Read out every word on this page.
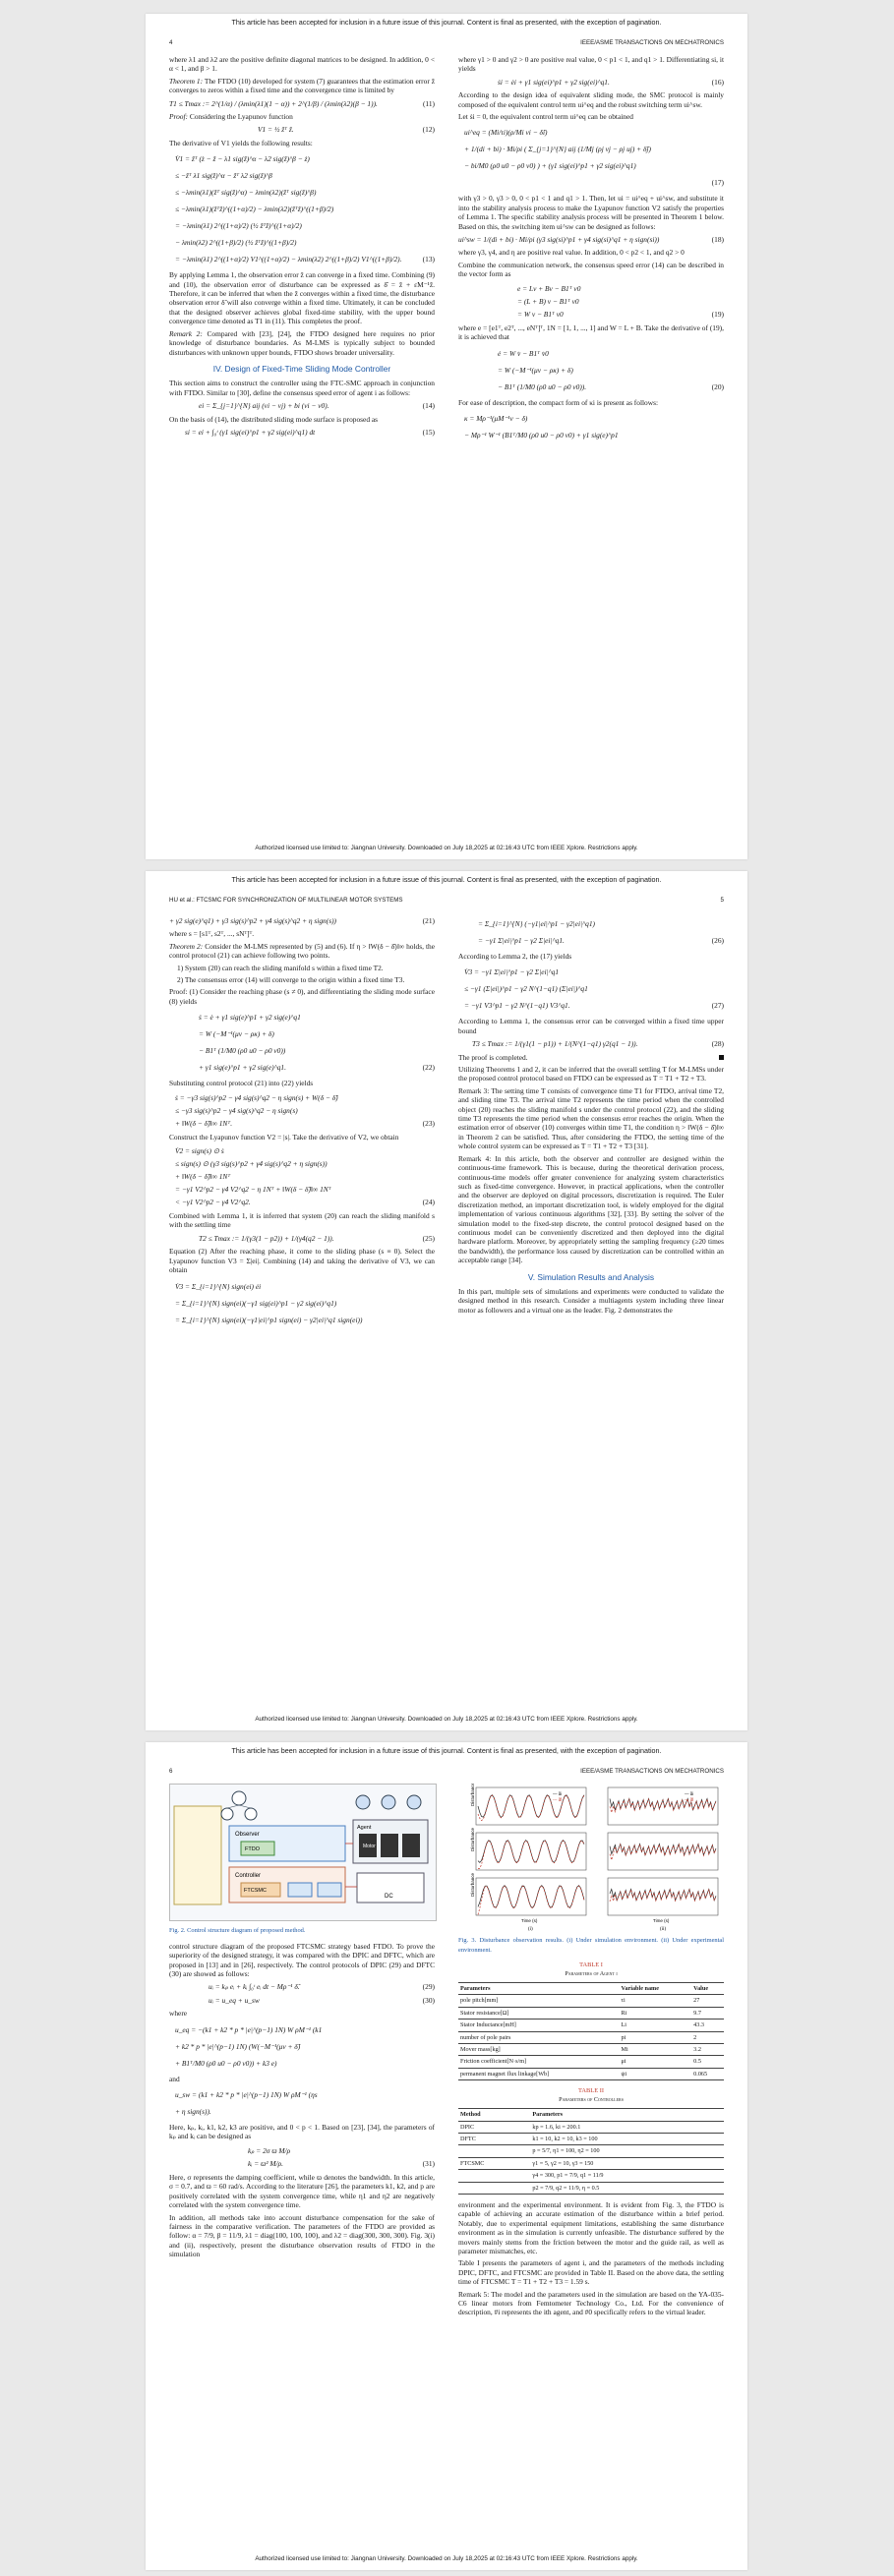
This article has been accepted for inclusion in a future issue of this journal. Content is final as presented, with the exception of pagination.
4	IEEE/ASME TRANSACTIONS ON MECHATRONICS

where λ1 and λ2 are the positive definite diagonal matrices to be designed. In addition, 0 < α < 1, and β > 1.

Theorem 1: The FTDO (10) developed for system (7) guarantees that the estimation error ẑ converges to zeros within a fixed time and the convergence time is limited by

T1 ≤ Tmax := 2^(1/α) / (λmin(λ1)(1 − α)) + 2^(1/β) / (λmin(λ2)(β − 1)).	(11)

Proof: Considering the Lyapunov function

V1 = ½ ẑᵀ ẑ.	(12)

The derivative of V1 yields the following results:

V̇1 = ẑᵀ (ż − ẑ − λ1 sig(ẑ)^α − λ2 sig(ẑ)^β − ż)
≤ −ẑᵀ λ1 sig(ẑ)^α − ẑᵀ λ2 sig(ẑ)^β
≤ −λmin(λ1)(ẑᵀ sig(ẑ)^α) − λmin(λ2)(ẑᵀ sig(ẑ)^β)
≤ −λmin(λ1)(ẑᵀẑ)^((1+α)/2) − λmin(λ2)(ẑᵀẑ)^((1+β)/2)
= −λmin(λ1) 2^((1+α)/2) (½ ẑᵀẑ)^((1+α)/2)
− λmin(λ2) 2^((1+β)/2) (½ ẑᵀẑ)^((1+β)/2)
= −λmin(λ1) 2^((1+α)/2) V1^((1+α)/2) − λmin(λ2) 2^((1+β)/2) V1^((1+β)/2).	(13)

By applying Lemma 1, the observation error ẑ can converge in a fixed time. Combining (9) and (10), the observation error of disturbance can be expressed as δ̂ = ẑ + εM⁻¹ẑ. Therefore, it can be inferred that when the ẑ converges within a fixed time, the disturbance observation error δ̃ will also converge within a fixed time. Ultimately, it can be concluded that the designed observer achieves global fixed-time stability, with the upper bound convergence time denoted as T1 in (11). This completes the proof.

Remark 2: Compared with [23], [24], the FTDO designed here requires no prior knowledge of disturbance boundaries. As M-LMS is typically subject to bounded disturbances with unknown upper bounds, FTDO shows broader universality.

IV. Design of Fixed-Time Sliding Mode Controller

This section aims to construct the controller using the FTC-SMC approach in conjunction with FTDO. Similar to [30], define the consensus speed error of agent i as follows:

ei = Σ_{j=1}^{N} aij (vi − vj) + bi (vi − v0).	(14)

On the basis of (14), the distributed sliding mode surface is proposed as

si = ei + ∫₀ᵗ (γ1 sig(ei)^p1 + γ2 sig(ei)^q1) dt	(15)

where γ1 > 0 and γ2 > 0 are positive real value, 0 < p1 < 1, and q1 > 1. Differentiating si, it yields

ṡi = ėi + γ1 sig(ei)^p1 + γ2 sig(ei)^q1.	(16)

According to the design idea of equivalent sliding mode, the SMC protocol is mainly composed of the equivalent control term ui^eq and the robust switching term ui^sw.

Let ṡi = 0, the equivalent control term ui^eq can be obtained

ui^eq = (Mi/τi)(ρ/Mi vi − δ̂i)
+ 1/(di + bi) · Mi/ρi ( Σ_{j=1}^{N} aij (1/Mj (ρj vj − ρj uj) + δ̂j)
− bi/M0 (ρ0 u0 − ρ0 v0) ) + (γ1 sig(ei)^p1 + γ2 sig(ei)^q1)
(17)

with γ3 > 0, γ3 > 0, 0 < p1 < 1 and q1 > 1. Then, let ui = ui^eq + ui^sw, and substitute it into the stability analysis process to make the Lyapunov function V2 satisfy the properties of Lemma 1. The specific stability analysis process will be presented in Theorem 1 below. Based on this, the switching item ui^sw can be designed as follows:

ui^sw = 1/(di + bi) · Mi/ρi (γ3 sig(si)^p1 + γ4 sig(si)^q1 + η sign(si))	(18)

where γ3, γ4, and η are positive real value. In addition, 0 < p2 < 1, and q2 > 0

Combine the communication network, the consensus speed error (14) can be described in the vector form as

e = Lv + Bv − B1ᵀ v0
= (L + B) v − B1ᵀ v0
= W v − B1ᵀ v0	(19)

where e = [e1ᵀ, e2ᵀ, ..., eNᵀ]ᵀ, 1N = [1, 1, ..., 1] and W = L + B. Take the derivative of (19), it is achieved that

ė = W v̇ − B1ᵀ v̇0
= W (−M⁻¹(μv − ρκ) + δ)
− B1ᵀ (1/M0 (ρ0 u0 − ρ0 v0)).	(20)

For ease of description, the compact form of κi is present as follows:

κ = Mρ⁻¹(μM⁻¹v − δ)
− Mρ⁻¹ W⁻¹ (B1ᵀ/M0 (ρ0 u0 − ρ0 v0) + γ1 sig(e)^p1
Authorized licensed use limited to: Jiangnan University. Downloaded on July 18,2025 at 02:16:43 UTC from IEEE Xplore. Restrictions apply.
This article has been accepted for inclusion in a future issue of this journal. Content is final as presented, with the exception of pagination.
HU et al.: FTCSMC FOR SYNCHRONIZATION OF MULTILINEAR MOTOR SYSTEMS	5
+ γ2 sig(e)^q1) + γ3 sig(s)^p2 + γ4 sig(s)^q2 + η sign(s))	(21)

where s = [s1ᵀ, s2ᵀ, ..., sNᵀ]ᵀ.

Theorem 2: Consider the M-LMS represented by (5) and (6). If η > ‖W(δ − δ̂)‖∞ holds, the control protocol (21) can achieve following two points.

1) System (20) can reach the sliding manifold s within a fixed time T2.

2) The consensus error (14) will converge to the origin within a fixed time T3.

Proof: (1) Consider the reaching phase (s ≠ 0), and differentiating the sliding mode surface (8) yields

ṡ = ė + γ1 sig(e)^p1 + γ2 sig(e)^q1
= W (−M⁻¹(μv − ρκ) + δ)
− B1ᵀ (1/M0 (ρ0 u0 − ρ0 v0))
+ γ1 sig(e)^p1 + γ2 sig(e)^q1.	(22)

Substituting control protocol (21) into (22) yields

ṡ = −γ3 sig(s)^p2 − γ4 sig(s)^q2 − η sign(s) + W(δ − δ̂)
≤ −γ3 sig(s)^p2 − γ4 sig(s)^q2 − η sign(s)
+ ‖W(δ − δ̂)‖∞ 1Nᵀ.	(23)

Construct the Lyapunov function V2 = |s|. Take the derivative of V2, we obtain

V̇2 = sign(s) ⊙ ṡ
≤ sign(s) ⊙ (γ3 sig(s)^p2 + γ4 sig(s)^q2 + η sign(s))
+ ‖W(δ − δ̂)‖∞ 1Nᵀ
= −γ1 V2^p2 − γ4 V2^q2 − η 1Nᵀ + ‖W(δ − δ̂)‖∞ 1Nᵀ
< −γ1 V2^p2 − γ4 V2^q2.	(24)

Combined with Lemma 1, it is inferred that system (20) can reach the sliding manifold s with the settling time

T2 ≤ Tmax := 1/(γ3(1 − p2)) + 1/(γ4(q2 − 1)).	(25)

Equation (2) After the reaching phase, it come to the sliding phase (s ≡ 0). Select the Lyapunov function V3 = Σ|ei|. Combining (14) and taking the derivative of V3, we can obtain

V̇3 = Σ_{i=1}^{N} sign(ei) ėi
= Σ_{i=1}^{N} sign(ei)(−γ1 sig(ei)^p1 − γ2 sig(ei)^q1)
= Σ_{i=1}^{N} sign(ei)(−γ1|ei|^p1 sign(ei) − γ2|ei|^q1 sign(ei))
= Σ_{i=1}^{N} (−γ1|ei|^p1 − γ2|ei|^q1)
= −γ1 Σ|ei|^p1 − γ2 Σ|ei|^q1.	(26)

According to Lemma 2, the (17) yields

V̇3 = −γ1 Σ|ei|^p1 − γ2 Σ|ei|^q1
≤ −γ1 (Σ|ei|)^p1 − γ2 N^(1−q1) (Σ|ei|)^q1
= −γ1 V3^p1 − γ2 N^(1−q1) V3^q1.	(27)

According to Lemma 1, the consensus error can be converged within a fixed time upper bound

T3 ≤ Tmax := 1/(γ1(1 − p1)) + 1/(N^(1−q1) γ2(q1 − 1)).	(28)

The proof is completed.

Utilizing Theorems 1 and 2, it can be inferred that the overall settling T for M-LMSs under the proposed control protocol based on FTDO can be expressed as T = T1 + T2 + T3.

Remark 3: The setting time T consists of convergence time T1 for FTDO, arrival time T2, and sliding time T3. The arrival time T2 represents the time period when the controlled object (20) reaches the sliding manifold s under the control protocol (22), and the sliding time T3 represents the time period when the consensus error reaches the origin. When the estimation error of observer (10) converges within time T1, the condition η > ‖W(δ − δ̂)‖∞ in Theorem 2 can be satisfied. Thus, after considering the FTDO, the setting time of the whole control system can be expressed as T = T1 + T2 + T3 [31].

Remark 4: In this article, both the observer and controller are designed within the continuous-time framework. This is because, during the theoretical derivation process, continuous-time models offer greater convenience for analyzing system characteristics such as fixed-time convergence. However, in practical applications, when the controller and the observer are deployed on digital processors, discretization is required. The Euler discretization method, an important discretization tool, is widely employed for the digital implementation of various continuous algorithms [32], [33]. By setting the solver of the simulation model to the fixed-step discrete, the control protocol designed based on the continuous model can be conveniently discretized and then deployed into the digital hardware platform. Moreover, by appropriately setting the sampling frequency (≥20 times the bandwidth), the performance loss caused by discretization can be controlled within an acceptable range [34].

V. Simulation Results and Analysis

In this part, multiple sets of simulations and experiments were conducted to validate the designed method in this research. Consider a multiagents system including three linear motor as followers and a virtual one as the leader. Fig. 2 demonstrates the

Authorized licensed use limited to: Jiangnan University. Downloaded on July 18,2025 at 02:16:43 UTC from IEEE Xplore. Restrictions apply.
This article has been accepted for inclusion in a future issue of this journal. Content is final as presented, with the exception of pagination.
6	IEEE/ASME TRANSACTIONS ON MECHATRONICS
Observer
FTDO
Controller
FTCSMC
Agent
Motor
DC

Fig. 2. Control structure diagram of proposed method.

control structure diagram of the proposed FTCSMC strategy based FTDO. To prove the superiority of the designed strategy, it was compared with the DPIC and DFTC, which are proposed in [13] and in [26], respectively. The control protocols of DPIC (29) and DFTC (30) are showed as follows:

uᵢ = kₚ eᵢ + kᵢ ∫₀ᵗ eᵢ dt − Mρ⁻¹ δ̂.	(29)
uᵢ = u_eq + u_sw	(30)

where

u_eq = −(k1 + k2 * p * |e|^(p−1) 1N) W ρM⁻¹ (k1
+ k2 * p * |e|^(p−1) 1N) (W(−M⁻¹(μv + δ̂)
+ B1ᵀ/M0 (ρ0 u0 − ρ0 v0)) + k3 e)

and

u_sw = (k1 + k2 * p * |e|^(p−1) 1N) W ρM⁻¹ (ηs
+ η sign(s)).

Here, kₚ, kᵢ, k1, k2, k3 are positive, and 0 < p < 1. Based on [23], [34], the parameters of kₚ and kᵢ can be designed as

kₚ = 2σ ϖ M/ρ
kᵢ = ϖ² M/ρ.	(31)

Here, σ represents the damping coefficient, while ϖ denotes the bandwidth. In this article, σ = 0.7, and ϖ = 60 rad/s. According to the literature [26], the parameters k1, k2, and p are positively correlated with the system convergence time, while η1 and η2 are negatively correlated with the system convergence time.

In addition, all methods take into account disturbance compensation for the sake of fairness in the comparative verification. The parameters of the FTDO are provided as follow: α = 7/9, β = 11/9, λ1 = diag(100, 100, 100), and λ2 = diag(300, 300, 300). Fig. 3(i) and (ii), respectively, present the disturbance observation results of FTDO in the simulation

Disturbance	— δi
--- δ̂i
Disturbance
Disturbance
Time (s)
(i)
— δi
--- δ̂i
Time (s)
(ii)

Fig. 3. Disturbance observation results. (i) Under simulation environment. (ii) Under experimental environment.

TABLE I
Parameters of Agent i
Parameters	Variable name	Value
pole pitch[mm]	τi	27
Stator resistance[Ω]	Ri	9.7
Stator Inductance[mH]	Li	43.3
number of pole pairs	pi	2
Mover mass[kg]	Mi	3.2
Friction coefficient[N·s/m]	μi	0.5
permanent magnet flux linkage[Wb]	ψi	0.065
TABLE II
Parameters of Controllers
Method	Parameters
DPIC	kp = 1.6, ki = 200.1
DFTC	k1 = 10, k2 = 10, k3 = 100
	p = 5/7, η1 = 100, η2 = 100
FTCSMC	γ1 = 5, γ2 = 10, γ3 = 150
	γ4 = 300, p1 = 7/9, q1 = 11/9
	p2 = 7/9, q2 = 11/9, η = 0.5

environment and the experimental environment. It is evident from Fig. 3, the FTDO is capable of achieving an accurate estimation of the disturbance within a brief period. Notably, due to experimental equipment limitations, establishing the same disturbance environment as in the simulation is currently unfeasible. The disturbance suffered by the movers mainly stems from the friction between the motor and the guide rail, as well as parameter mismatches, etc.

Table I presents the parameters of agent i, and the parameters of the methods including DPIC, DFTC, and FTCSMC are provided in Table II. Based on the above data, the settling time of FTCSMC T = T1 + T2 + T3 = 1.59 s.

Remark 5: The model and the parameters used in the simulation are based on the YA-035-C6 linear motors from Femtometer Technology Co., Ltd. For the convenience of description, #i represents the ith agent, and #0 specifically refers to the virtual leader.

Authorized licensed use limited to: Jiangnan University. Downloaded on July 18,2025 at 02:16:43 UTC from IEEE Xplore. Restrictions apply.
